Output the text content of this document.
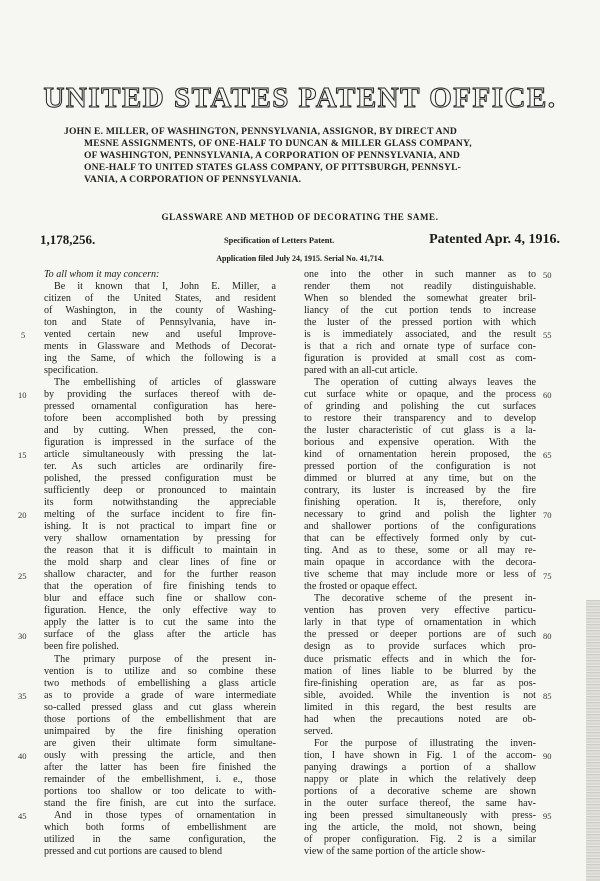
UNITED STATES PATENT OFFICE.
JOHN E. MILLER, OF WASHINGTON, PENNSYLVANIA, ASSIGNOR, BY DIRECT AND
MESNE ASSIGNMENTS, OF ONE-HALF TO DUNCAN & MILLER GLASS COMPANY,
OF WASHINGTON, PENNSYLVANIA, A CORPORATION OF PENNSYLVANIA, AND
ONE-HALF TO UNITED STATES GLASS COMPANY, OF PITTSBURGH, PENNSYL-
VANIA, A CORPORATION OF PENNSYLVANIA.
GLASSWARE AND METHOD OF DECORATING THE SAME.
1,178,256.	Specification of Letters Patent.	Patented Apr. 4, 1916.
Application filed July 24, 1915. Serial No. 41,714.
To all whom it may concern:
Be it known that I, John E. Miller, a
citizen of the United States, and resident
of Washington, in the county of Washing-
ton and State of Pennsylvania, have in-
vented certain new and useful Improve-
ments in Glassware and Methods of Decorat-
ing the Same, of which the following is a
specification.
The embellishing of articles of glassware
by providing the surfaces thereof with de-
pressed ornamental configuration has here-
tofore been accomplished both by pressing
and by cutting. When pressed, the con-
figuration is impressed in the surface of the
article simultaneously with pressing the lat-
ter. As such articles are ordinarily fire-
polished, the pressed configuration must be
sufficiently deep or pronounced to maintain
its form notwithstanding the appreciable
melting of the surface incident to fire fin-
ishing. It is not practical to impart fine or
very shallow ornamentation by pressing for
the reason that it is difficult to maintain in
the mold sharp and clear lines of fine or
shallow character, and for the further reason
that the operation of fire finishing tends to
blur and efface such fine or shallow con-
figuration. Hence, the only effective way to
apply the latter is to cut the same into the
surface of the glass after the article has
been fire polished.
The primary purpose of the present in-
vention is to utilize and so combine these
two methods of embellishing a glass article
as to provide a grade of ware intermediate
so-called pressed glass and cut glass wherein
those portions of the embellishment that are
unimpaired by the fire finishing operation
are given their ultimate form simultane-
ously with pressing the article, and then
after the latter has been fire finished the
remainder of the embellishment, i. e., those
portions too shallow or too delicate to with-
stand the fire finish, are cut into the surface.
And in those types of ornamentation in
which both forms of embellishment are
utilized in the same configuration, the
pressed and cut portions are caused to blend
one into the other in such manner as to
render them not readily distinguishable.
When so blended the somewhat greater bril-
liancy of the cut portion tends to increase
the luster of the pressed portion with which
is is immediately associated, and the result
is that a rich and ornate type of surface con-
figuration is provided at small cost as com-
pared with an all-cut article.
The operation of cutting always leaves the
cut surface white or opaque, and the process
of grinding and polishing the cut surfaces
to restore their transparency and to develop
the luster characteristic of cut glass is a la-
borious and expensive operation. With the
kind of ornamentation herein proposed, the
pressed portion of the configuration is not
dimmed or blurred at any time, but on the
contrary, its luster is increased by the fire
finishing operation. It is, therefore, only
necessary to grind and polish the lighter
and shallower portions of the configurations
that can be effectively formed only by cut-
ting. And as to these, some or all may re-
main opaque in accordance with the decora-
tive scheme that may include more or less of
the frosted or opaque effect.
The decorative scheme of the present in-
vention has proven very effective particu-
larly in that type of ornamentation in which
the pressed or deeper portions are of such
design as to provide surfaces which pro-
duce prismatic effects and in which the for-
mation of lines liable to be blurred by the
fire-finishing operation are, as far as pos-
sible, avoided. While the invention is not
limited in this regard, the best results are
had when the precautions noted are ob-
served.
For the purpose of illustrating the inven-
tion, I have shown in Fig. 1 of the accom-
panying drawings a portion of a shallow
nappy or plate in which the relatively deep
portions of a decorative scheme are shown
in the outer surface thereof, the same hav-
ing been pressed simultaneously with press-
ing the article, the mold, not shown, being
of proper configuration. Fig. 2 is a similar
view of the same portion of the article show-
5
10
15
20
25
30
35
40
45
50
55
60
65
70
75
80
85
90
95
